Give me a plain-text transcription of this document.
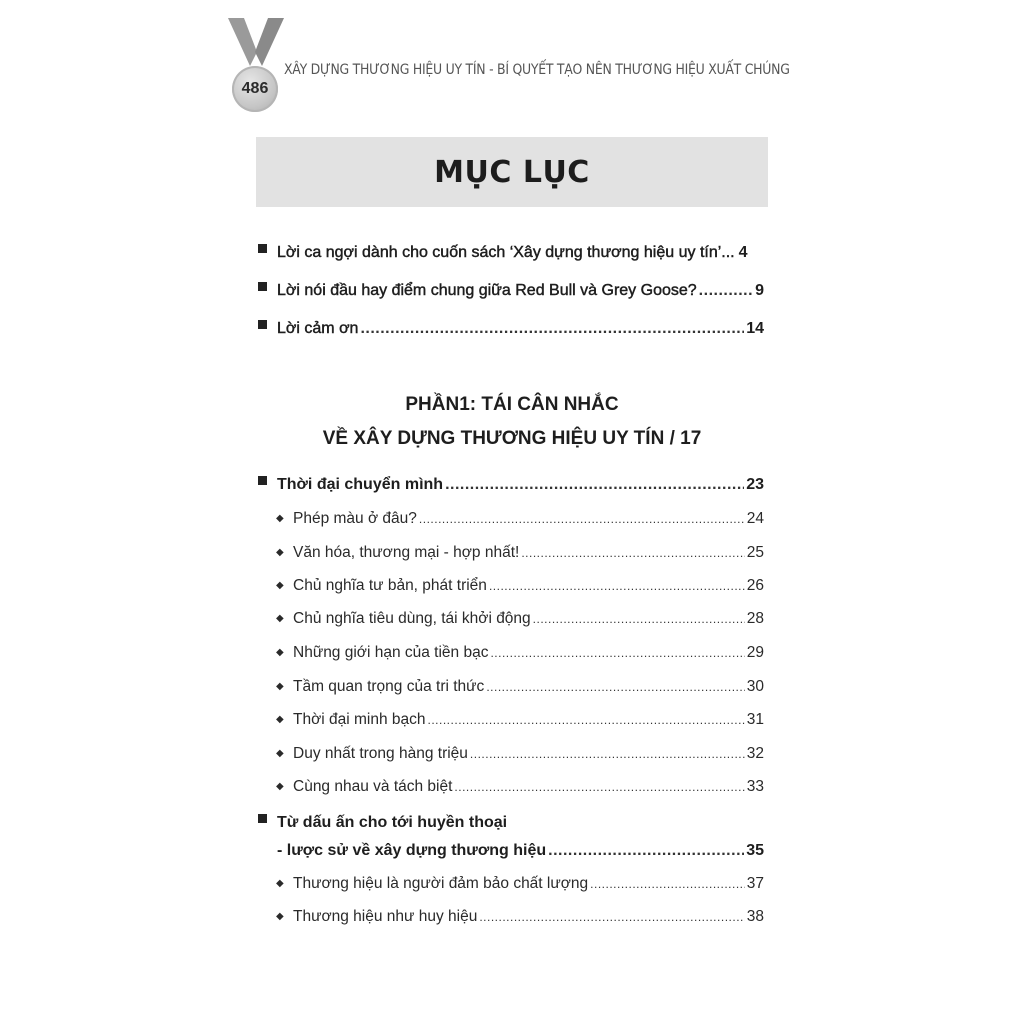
486
XÂY DỰNG THƯƠNG HIỆU UY TÍN - BÍ QUYẾT TẠO NÊN THƯƠNG HIỆU XUẤT CHÚNG
MỤC LỤC
Lời ca ngợi dành cho cuốn sách ‘Xây dựng thương hiệu uy tín’... 4
Lời nói đầu hay điểm chung giữa Red Bull và Grey Goose? .....	9
Lời cảm ơn .....	14
PHẦN1: TÁI CÂN NHẮC
VỀ XÂY DỰNG THƯƠNG HIỆU UY TÍN / 17
Thời đại chuyển mình .....	23
◆ Phép màu ở đâu? .....	24
◆ Văn hóa, thương mại - hợp nhất! .....	25
◆ Chủ nghĩa tư bản, phát triển .....	26
◆ Chủ nghĩa tiêu dùng, tái khởi động .....	28
◆ Những giới hạn của tiền bạc .....	29
◆ Tầm quan trọng của tri thức .....	30
◆ Thời đại minh bạch .....	31
◆ Duy nhất trong hàng triệu .....	32
◆ Cùng nhau và tách biệt .....	33
Từ dấu ấn cho tới huyền thoại
- lược sử về xây dựng thương hiệu .....	35
◆ Thương hiệu là người đảm bảo chất lượng .....	37
◆ Thương hiệu như huy hiệu .....	38
